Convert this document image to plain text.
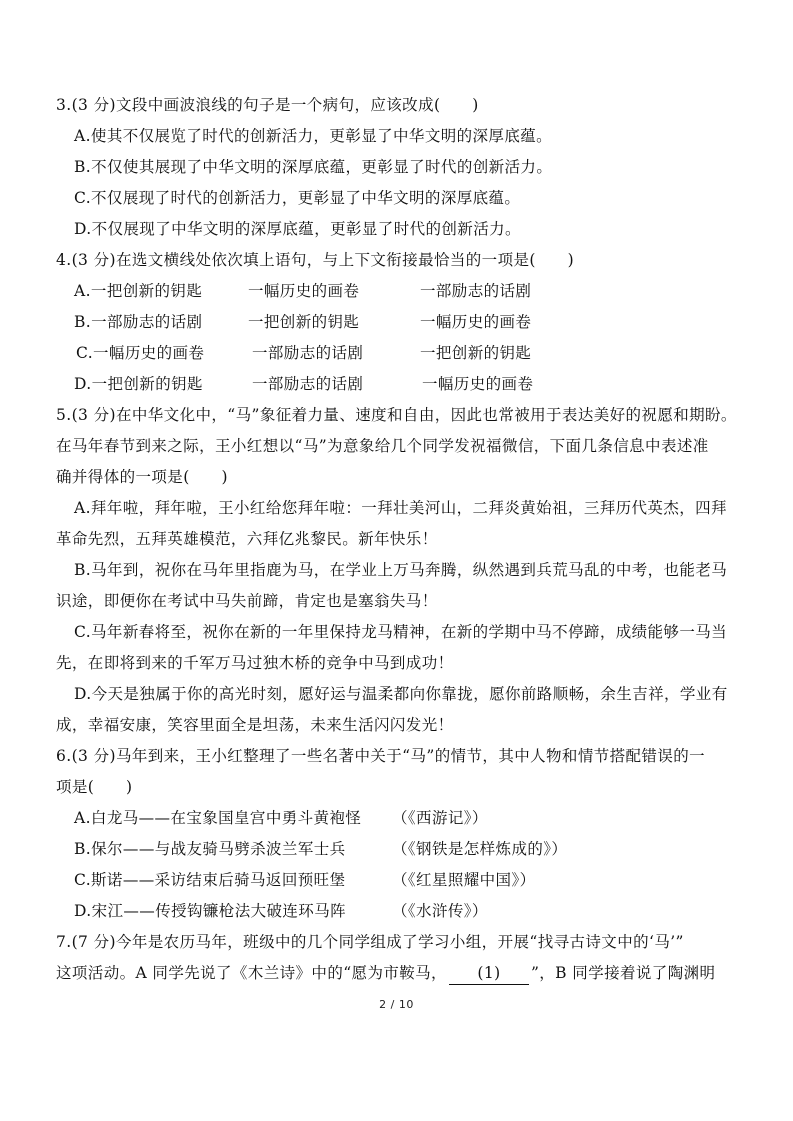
3.(3 分)文段中画波浪线的句子是一个病句，应该改成(　　)
A.使其不仅展览了时代的创新活力，更彰显了中华文明的深厚底蕴。
B.不仅使其展现了中华文明的深厚底蕴，更彰显了时代的创新活力。
C.不仅展现了时代的创新活力，更彰显了中华文明的深厚底蕴。
D.不仅展现了中华文明的深厚底蕴，更彰显了时代的创新活力。
4.(3 分)在选文横线处依次填上语句，与上下文衔接最恰当的一项是(　　)
A.一把创新的钥匙	一幅历史的画卷	一部励志的话剧
B.一部励志的话剧	一把创新的钥匙	一幅历史的画卷
C.一幅历史的画卷	一部励志的话剧	一把创新的钥匙
D.一把创新的钥匙	一部励志的话剧	一幅历史的画卷
5.(3 分)在中华文化中，“马”象征着力量、速度和自由，因此也常被用于表达美好的祝愿和期盼。
在马年春节到来之际，王小红想以“马”为意象给几个同学发祝福微信，下面几条信息中表述准
确并得体的一项是(　　)
A.拜年啦，拜年啦，王小红给您拜年啦：一拜壮美河山，二拜炎黄始祖，三拜历代英杰，四拜
革命先烈，五拜英雄模范，六拜亿兆黎民。新年快乐！
B.马年到，祝你在马年里指鹿为马，在学业上万马奔腾，纵然遇到兵荒马乱的中考，也能老马
识途，即便你在考试中马失前蹄，肯定也是塞翁失马！
C.马年新春将至，祝你在新的一年里保持龙马精神，在新的学期中马不停蹄，成绩能够一马当
先，在即将到来的千军万马过独木桥的竞争中马到成功！
D.今天是独属于你的高光时刻，愿好运与温柔都向你靠拢，愿你前路顺畅，余生吉祥，学业有
成，幸福安康，笑容里面全是坦荡，未来生活闪闪发光！
6.(3 分)马年到来，王小红整理了一些名著中关于“马”的情节，其中人物和情节搭配错误的一
项是(　　)
A.白龙马——在宝象国皇宫中勇斗黄袍怪 （《西游记》）
B.保尔——与战友骑马劈杀波兰军士兵	（《钢铁是怎样炼成的》）
C.斯诺——采访结束后骑马返回预旺堡	（《红星照耀中国》）
D.宋江——传授钩镰枪法大破连环马阵	（《水浒传》）
7.(7 分)今年是农历马年，班级中的几个同学组成了学习小组，开展“找寻古诗文中的‘马’”
这项活动。A 同学先说了《木兰诗》中的“愿为市鞍马， (1) ”，B 同学接着说了陶渊明
2 / 10
